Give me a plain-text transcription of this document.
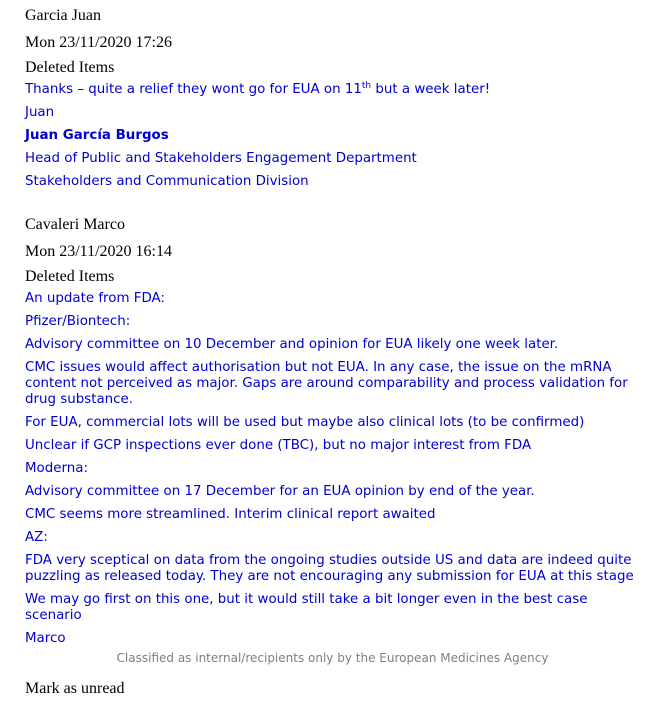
Garcia Juan
Mon 23/11/2020 17:26
Deleted Items
Thanks – quite a relief they wont go for EUA on 11th but a week later!
Juan
Juan García Burgos
Head of Public and Stakeholders Engagement Department
Stakeholders and Communication Division
Cavaleri Marco
Mon 23/11/2020 16:14
Deleted Items
An update from FDA:
Pfizer/Biontech:
Advisory committee on 10 December and opinion for EUA likely one week later.
CMC issues would affect authorisation but not EUA. In any case, the issue on the mRNA content not perceived as major. Gaps are around comparability and process validation for drug substance.
For EUA, commercial lots will be used but maybe also clinical lots (to be confirmed)
Unclear if GCP inspections ever done (TBC), but no major interest from FDA
Moderna:
Advisory committee on 17 December for an EUA opinion by end of the year.
CMC seems more streamlined. Interim clinical report awaited
AZ:
FDA very sceptical on data from the ongoing studies outside US and data are indeed quite puzzling as released today. They are not encouraging any submission for EUA at this stage
We may go first on this one, but it would still take a bit longer even in the best case scenario
Marco
Classified as internal/recipients only by the European Medicines Agency
Mark as unread
